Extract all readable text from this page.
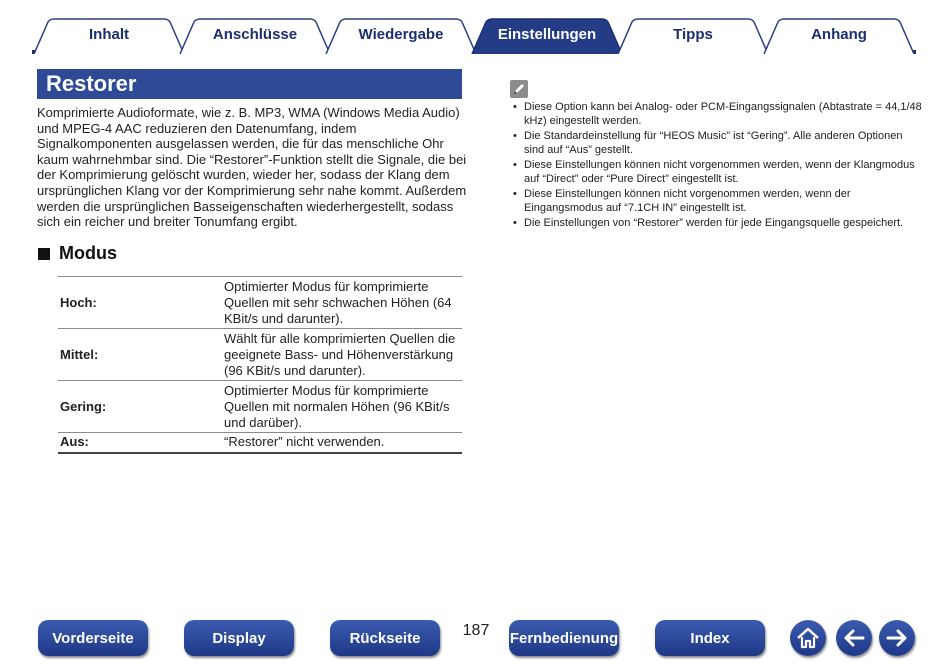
Inhalt	Anschlüsse	Wiedergabe	Einstellungen	Tipps	Anhang
Restorer
Komprimierte Audioformate, wie z. B. MP3, WMA (Windows Media Audio) und MPEG-4 AAC reduzieren den Datenumfang, indem Signalkomponenten ausgelassen werden, die für das menschliche Ohr kaum wahrnehmbar sind. Die “Restorer”-Funktion stellt die Signale, die bei der Komprimierung gelöscht wurden, wieder her, sodass der Klang dem ursprünglichen Klang vor der Komprimierung sehr nahe kommt. Außerdem werden die ursprünglichen Basseigenschaften wiederhergestellt, sodass sich ein reicher und breiter Tonumfang ergibt.
Modus
Hoch:	Optimierter Modus für komprimierte Quellen mit sehr schwachen Höhen (64 KBit/s und darunter).
Mittel:	Wählt für alle komprimierten Quellen die geeignete Bass- und Höhenverstärkung (96 KBit/s und darunter).
Gering:	Optimierter Modus für komprimierte Quellen mit normalen Höhen (96 KBit/s und darüber).
Aus:	“Restorer” nicht verwenden.
• Diese Option kann bei Analog- oder PCM-Eingangssignalen (Abtastrate = 44,1/48 kHz) eingestellt werden.
• Die Standardeinstellung für “HEOS Music” ist “Gering”. Alle anderen Optionen sind auf “Aus” gestellt.
• Diese Einstellungen können nicht vorgenommen werden, wenn der Klangmodus auf “Direct” oder “Pure Direct” eingestellt ist.
• Diese Einstellungen können nicht vorgenommen werden, wenn der Eingangsmodus auf “7.1CH IN” eingestellt ist.
• Die Einstellungen von “Restorer” werden für jede Eingangsquelle gespeichert.
Vorderseite	Display	Rückseite	187	Fernbedienung	Index
